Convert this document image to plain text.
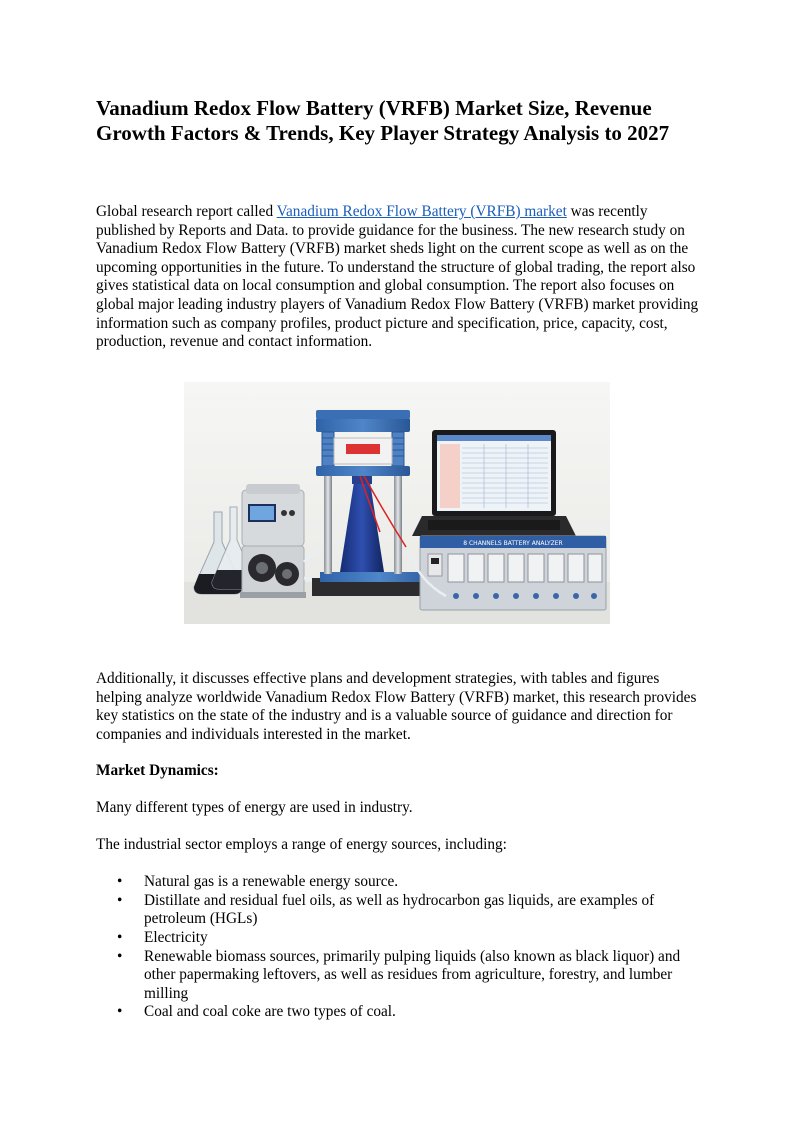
Vanadium Redox Flow Battery (VRFB) Market Size, Revenue Growth Factors & Trends, Key Player Strategy Analysis to 2027

Global research report called Vanadium Redox Flow Battery (VRFB) market was recently published by Reports and Data. to provide guidance for the business. The new research study on Vanadium Redox Flow Battery (VRFB) market sheds light on the current scope as well as on the upcoming opportunities in the future. To understand the structure of global trading, the report also gives statistical data on local consumption and global consumption. The report also focuses on global major leading industry players of Vanadium Redox Flow Battery (VRFB) market providing information such as company profiles, product picture and specification, price, capacity, cost, production, revenue and contact information.

8 CHANNELS BATTERY ANALYZER

Additionally, it discusses effective plans and development strategies, with tables and figures helping analyze worldwide Vanadium Redox Flow Battery (VRFB) market, this research provides key statistics on the state of the industry and is a valuable source of guidance and direction for companies and individuals interested in the market.

Market Dynamics:

Many different types of energy are used in industry.

The industrial sector employs a range of energy sources, including:

• Natural gas is a renewable energy source.
• Distillate and residual fuel oils, as well as hydrocarbon gas liquids, are examples of petroleum (HGLs)
• Electricity
• Renewable biomass sources, primarily pulping liquids (also known as black liquor) and other papermaking leftovers, as well as residues from agriculture, forestry, and lumber milling
• Coal and coal coke are two types of coal.
